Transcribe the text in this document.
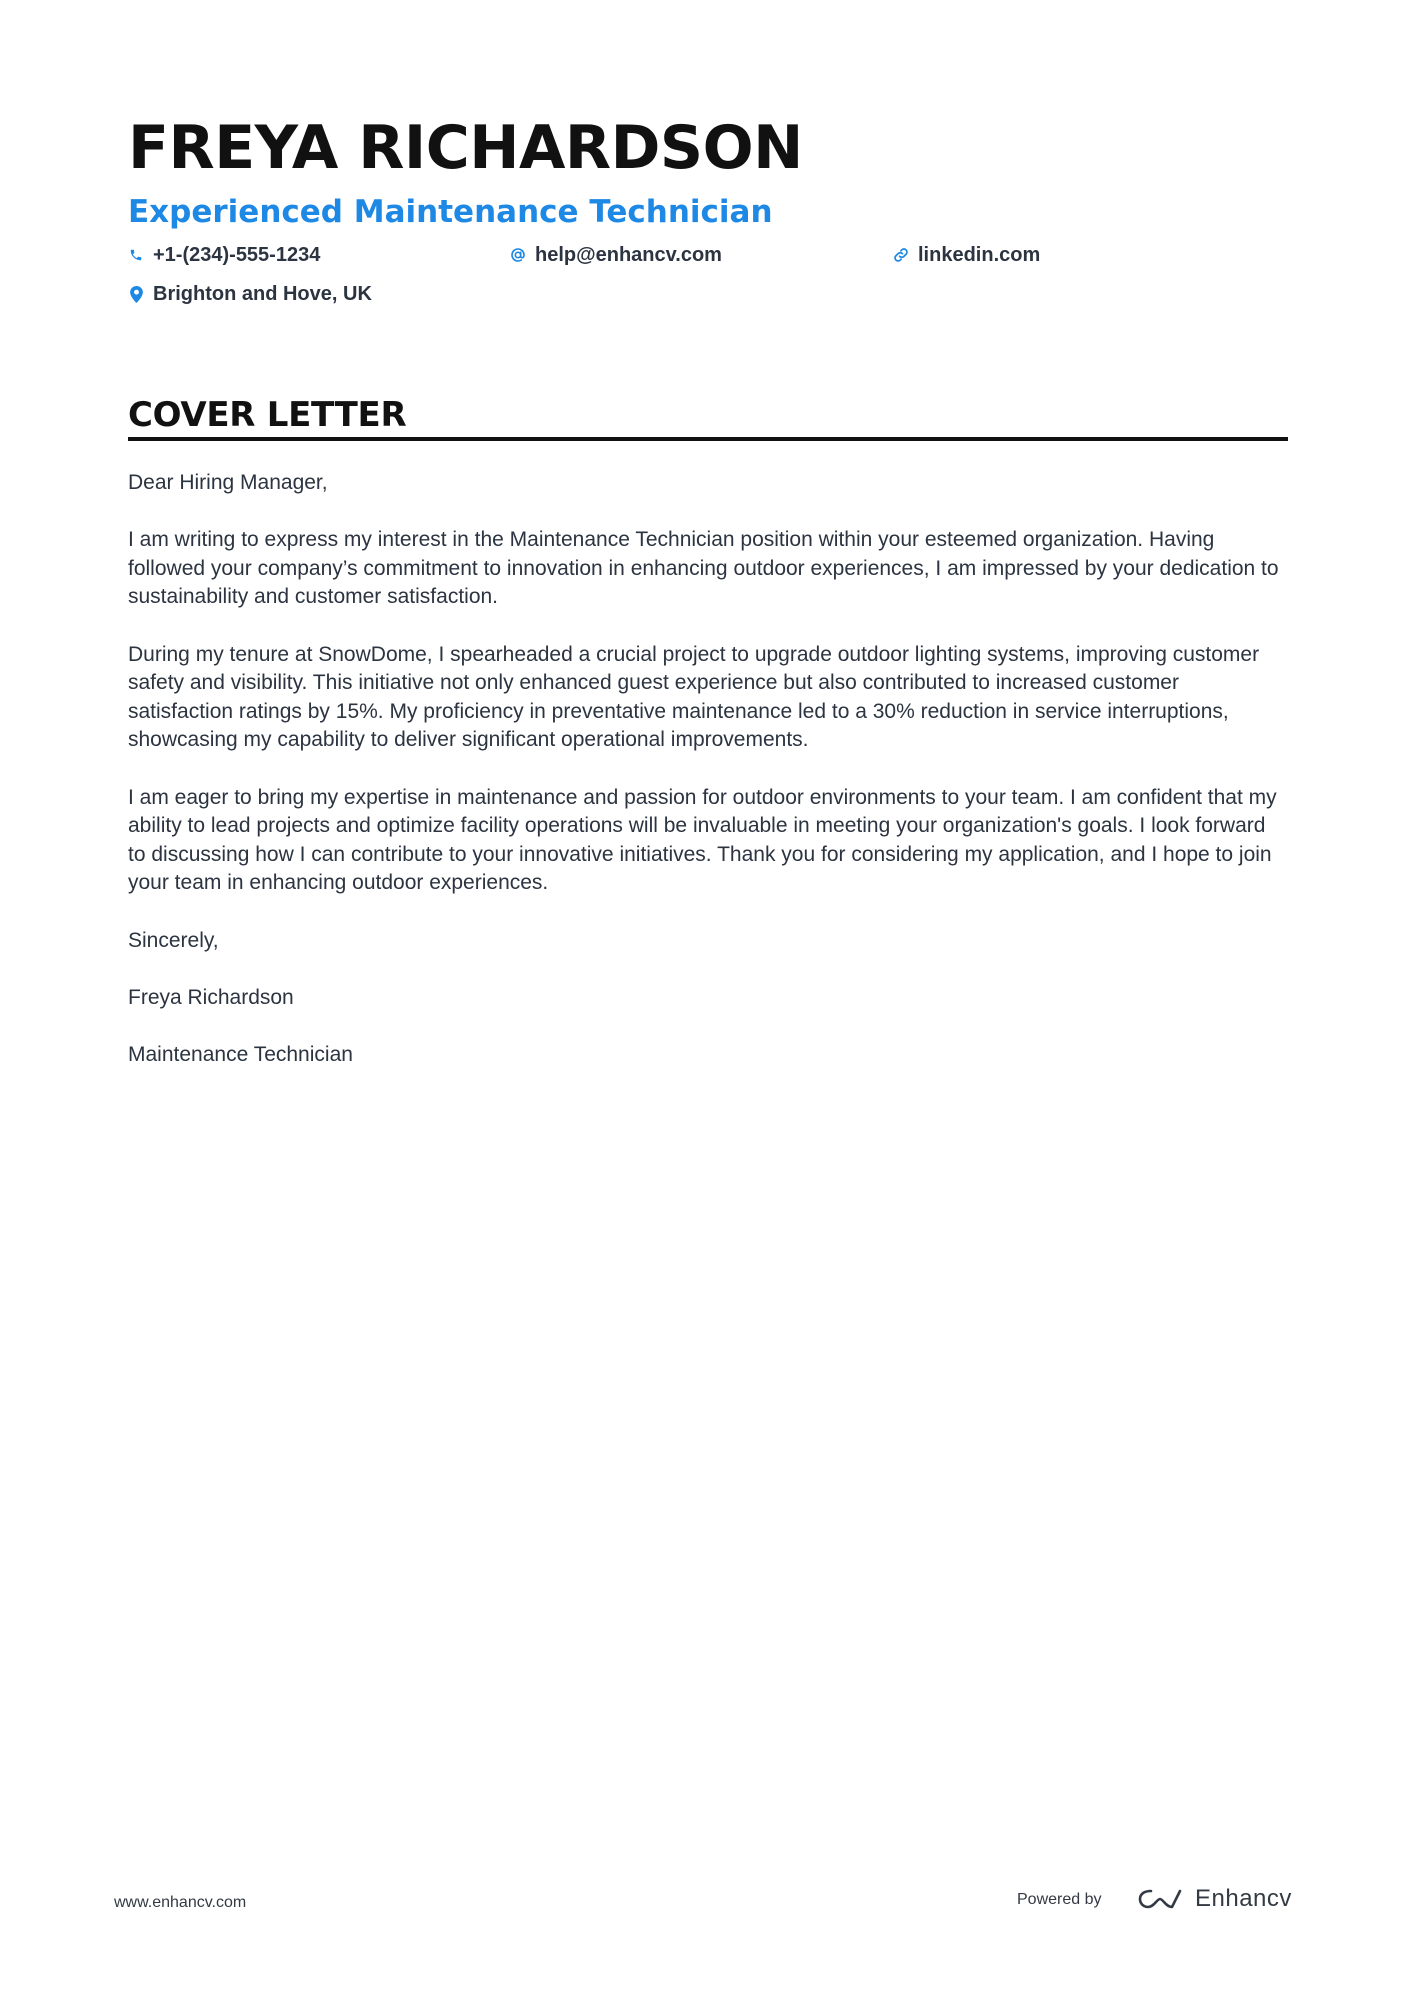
FREYA RICHARDSON
Experienced Maintenance Technician
+1-(234)-555-1234	help@enhancv.com	linkedin.com
Brighton and Hove, UK
COVER LETTER

Dear Hiring Manager,

I am writing to express my interest in the Maintenance Technician position within your esteemed organization. Having followed your company’s commitment to innovation in enhancing outdoor experiences, I am impressed by your dedication to sustainability and customer satisfaction.

During my tenure at SnowDome, I spearheaded a crucial project to upgrade outdoor lighting systems, improving customer safety and visibility. This initiative not only enhanced guest experience but also contributed to increased customer satisfaction ratings by 15%. My proficiency in preventative maintenance led to a 30% reduction in service interruptions, showcasing my capability to deliver significant operational improvements.

I am eager to bring my expertise in maintenance and passion for outdoor environments to your team. I am confident that my ability to lead projects and optimize facility operations will be invaluable in meeting your organization's goals. I look forward to discussing how I can contribute to your innovative initiatives. Thank you for considering my application, and I hope to join your team in enhancing outdoor experiences.

Sincerely,

Freya Richardson

Maintenance Technician

www.enhancv.com	Powered by	Enhancv
